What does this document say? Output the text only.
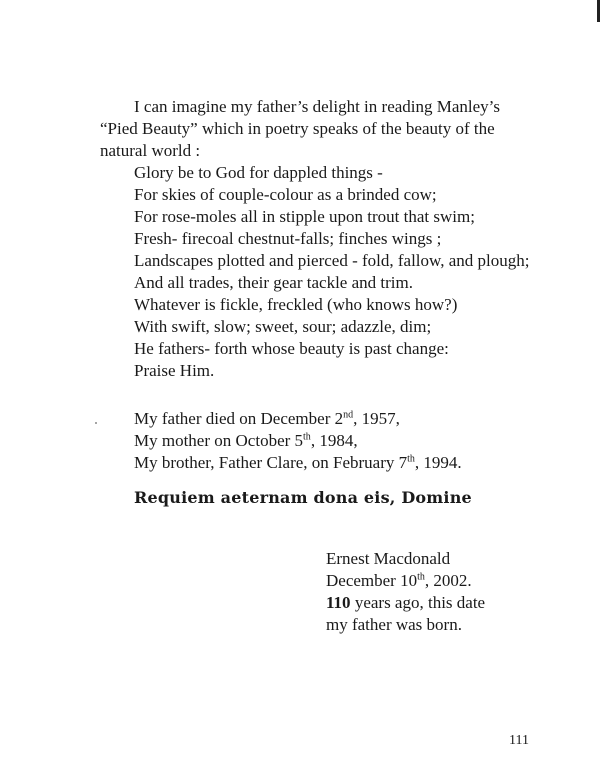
I can imagine my father’s delight in reading Manley’s
“Pied Beauty” which in poetry speaks of the beauty of the
natural world :
Glory be to God for dappled things -
For skies of couple-colour as a brinded cow;
For rose-moles all in stipple upon trout that swim;
Fresh- firecoal chestnut-falls; finches wings ;
Landscapes plotted and pierced - fold, fallow, and plough;
And all trades, their gear tackle and trim.
Whatever is fickle, freckled (who knows how?)
With swift, slow; sweet, sour; adazzle, dim;
He fathers- forth whose beauty is past change:
Praise Him.
My father died on December 2nd, 1957,
My mother on October 5th, 1984,
My brother, Father Clare, on February 7th, 1994.
Requiem aeternam dona eis, Domine
Ernest Macdonald
December 10th, 2002.
110 years ago, this date
my father was born.
111
